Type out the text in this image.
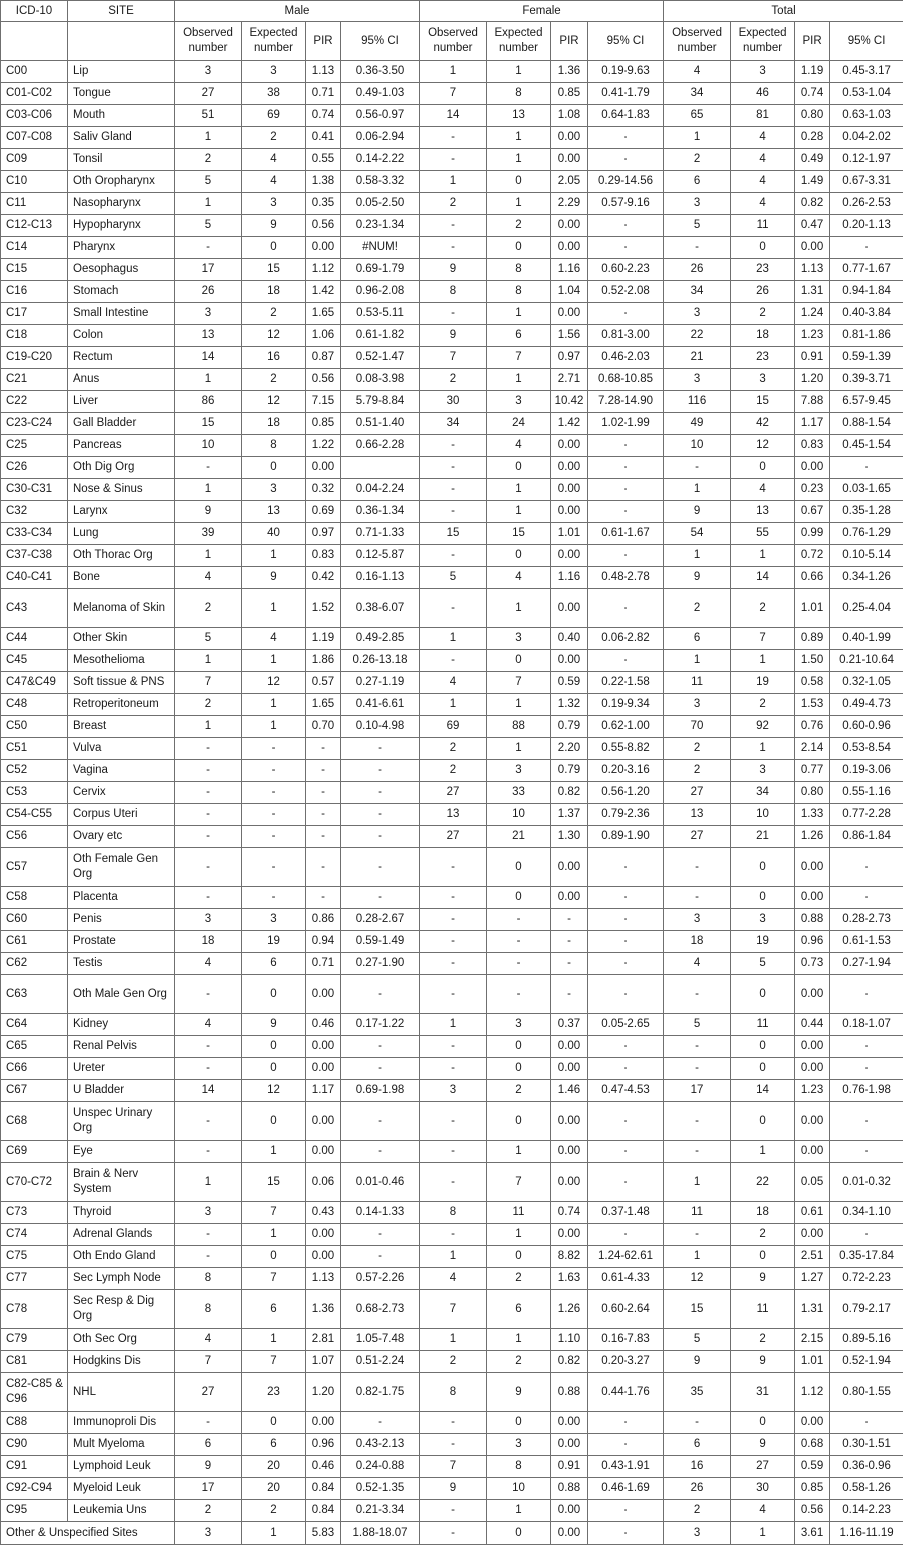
ICD-10	SITE	Male				Female				Total			
		Observed number	Expected number	PIR	95% CI	Observed number	Expected number	PIR	95% CI	Observed number	Expected number	PIR	95% CI
C00	Lip	3	3	1.13	0.36-3.50	1	1	1.36	0.19-9.63	4	3	1.19	0.45-3.17
C01-C02	Tongue	27	38	0.71	0.49-1.03	7	8	0.85	0.41-1.79	34	46	0.74	0.53-1.04
C03-C06	Mouth	51	69	0.74	0.56-0.97	14	13	1.08	0.64-1.83	65	81	0.80	0.63-1.03
C07-C08	Saliv Gland	1	2	0.41	0.06-2.94	-	1	0.00	-	1	4	0.28	0.04-2.02
C09	Tonsil	2	4	0.55	0.14-2.22	-	1	0.00	-	2	4	0.49	0.12-1.97
C10	Oth Oropharynx	5	4	1.38	0.58-3.32	1	0	2.05	0.29-14.56	6	4	1.49	0.67-3.31
C11	Nasopharynx	1	3	0.35	0.05-2.50	2	1	2.29	0.57-9.16	3	4	0.82	0.26-2.53
C12-C13	Hypopharynx	5	9	0.56	0.23-1.34	-	2	0.00	-	5	11	0.47	0.20-1.13
C14	Pharynx	-	0	0.00	#NUM!	-	0	0.00	-	-	0	0.00	-
C15	Oesophagus	17	15	1.12	0.69-1.79	9	8	1.16	0.60-2.23	26	23	1.13	0.77-1.67
C16	Stomach	26	18	1.42	0.96-2.08	8	8	1.04	0.52-2.08	34	26	1.31	0.94-1.84
C17	Small Intestine	3	2	1.65	0.53-5.11	-	1	0.00	-	3	2	1.24	0.40-3.84
C18	Colon	13	12	1.06	0.61-1.82	9	6	1.56	0.81-3.00	22	18	1.23	0.81-1.86
C19-C20	Rectum	14	16	0.87	0.52-1.47	7	7	0.97	0.46-2.03	21	23	0.91	0.59-1.39
C21	Anus	1	2	0.56	0.08-3.98	2	1	2.71	0.68-10.85	3	3	1.20	0.39-3.71
C22	Liver	86	12	7.15	5.79-8.84	30	3	10.42	7.28-14.90	116	15	7.88	6.57-9.45
C23-C24	Gall Bladder	15	18	0.85	0.51-1.40	34	24	1.42	1.02-1.99	49	42	1.17	0.88-1.54
C25	Pancreas	10	8	1.22	0.66-2.28	-	4	0.00	-	10	12	0.83	0.45-1.54
C26	Oth Dig Org	-	0	0.00		-	0	0.00	-	-	0	0.00	-
C30-C31	Nose & Sinus	1	3	0.32	0.04-2.24	-	1	0.00	-	1	4	0.23	0.03-1.65
C32	Larynx	9	13	0.69	0.36-1.34	-	1	0.00	-	9	13	0.67	0.35-1.28
C33-C34	Lung	39	40	0.97	0.71-1.33	15	15	1.01	0.61-1.67	54	55	0.99	0.76-1.29
C37-C38	Oth Thorac Org	1	1	0.83	0.12-5.87	-	0	0.00	-	1	1	0.72	0.10-5.14
C40-C41	Bone	4	9	0.42	0.16-1.13	5	4	1.16	0.48-2.78	9	14	0.66	0.34-1.26
C43	Melanoma of Skin	2	1	1.52	0.38-6.07	-	1	0.00	-	2	2	1.01	0.25-4.04
C44	Other Skin	5	4	1.19	0.49-2.85	1	3	0.40	0.06-2.82	6	7	0.89	0.40-1.99
C45	Mesothelioma	1	1	1.86	0.26-13.18	-	0	0.00	-	1	1	1.50	0.21-10.64
C47&C49	Soft tissue & PNS	7	12	0.57	0.27-1.19	4	7	0.59	0.22-1.58	11	19	0.58	0.32-1.05
C48	Retroperitoneum	2	1	1.65	0.41-6.61	1	1	1.32	0.19-9.34	3	2	1.53	0.49-4.73
C50	Breast	1	1	0.70	0.10-4.98	69	88	0.79	0.62-1.00	70	92	0.76	0.60-0.96
C51	Vulva	-	-	-	-	2	1	2.20	0.55-8.82	2	1	2.14	0.53-8.54
C52	Vagina	-	-	-	-	2	3	0.79	0.20-3.16	2	3	0.77	0.19-3.06
C53	Cervix	-	-	-	-	27	33	0.82	0.56-1.20	27	34	0.80	0.55-1.16
C54-C55	Corpus Uteri	-	-	-	-	13	10	1.37	0.79-2.36	13	10	1.33	0.77-2.28
C56	Ovary etc	-	-	-	-	27	21	1.30	0.89-1.90	27	21	1.26	0.86-1.84
C57	Oth Female Gen Org	-	-	-	-	-	0	0.00	-	-	0	0.00	-
C58	Placenta	-	-	-	-	-	0	0.00	-	-	0	0.00	-
C60	Penis	3	3	0.86	0.28-2.67	-	-	-	-	3	3	0.88	0.28-2.73
C61	Prostate	18	19	0.94	0.59-1.49	-	-	-	-	18	19	0.96	0.61-1.53
C62	Testis	4	6	0.71	0.27-1.90	-	-	-	-	4	5	0.73	0.27-1.94
C63	Oth Male Gen Org	-	0	0.00	-	-	-	-	-	-	0	0.00	-
C64	Kidney	4	9	0.46	0.17-1.22	1	3	0.37	0.05-2.65	5	11	0.44	0.18-1.07
C65	Renal Pelvis	-	0	0.00	-	-	0	0.00	-	-	0	0.00	-
C66	Ureter	-	0	0.00	-	-	0	0.00	-	-	0	0.00	-
C67	U Bladder	14	12	1.17	0.69-1.98	3	2	1.46	0.47-4.53	17	14	1.23	0.76-1.98
C68	Unspec Urinary Org	-	0	0.00	-	-	0	0.00	-	-	0	0.00	-
C69	Eye	-	1	0.00	-	-	1	0.00	-	-	1	0.00	-
C70-C72	Brain & Nerv System	1	15	0.06	0.01-0.46	-	7	0.00	-	1	22	0.05	0.01-0.32
C73	Thyroid	3	7	0.43	0.14-1.33	8	11	0.74	0.37-1.48	11	18	0.61	0.34-1.10
C74	Adrenal Glands	-	1	0.00	-	-	1	0.00	-	-	2	0.00	-
C75	Oth Endo Gland	-	0	0.00	-	1	0	8.82	1.24-62.61	1	0	2.51	0.35-17.84
C77	Sec Lymph Node	8	7	1.13	0.57-2.26	4	2	1.63	0.61-4.33	12	9	1.27	0.72-2.23
C78	Sec Resp & Dig Org	8	6	1.36	0.68-2.73	7	6	1.26	0.60-2.64	15	11	1.31	0.79-2.17
C79	Oth Sec Org	4	1	2.81	1.05-7.48	1	1	1.10	0.16-7.83	5	2	2.15	0.89-5.16
C81	Hodgkins Dis	7	7	1.07	0.51-2.24	2	2	0.82	0.20-3.27	9	9	1.01	0.52-1.94
C82-C85 & C96	NHL	27	23	1.20	0.82-1.75	8	9	0.88	0.44-1.76	35	31	1.12	0.80-1.55
C88	Immunoproli Dis	-	0	0.00	-	-	0	0.00	-	-	0	0.00	-
C90	Mult Myeloma	6	6	0.96	0.43-2.13	-	3	0.00	-	6	9	0.68	0.30-1.51
C91	Lymphoid Leuk	9	20	0.46	0.24-0.88	7	8	0.91	0.43-1.91	16	27	0.59	0.36-0.96
C92-C94	Myeloid Leuk	17	20	0.84	0.52-1.35	9	10	0.88	0.46-1.69	26	30	0.85	0.58-1.26
C95	Leukemia Uns	2	2	0.84	0.21-3.34	-	1	0.00	-	2	4	0.56	0.14-2.23
Other & Unspecified Sites		3	1	5.83	1.88-18.07	-	0	0.00	-	3	1	3.61	1.16-11.19
